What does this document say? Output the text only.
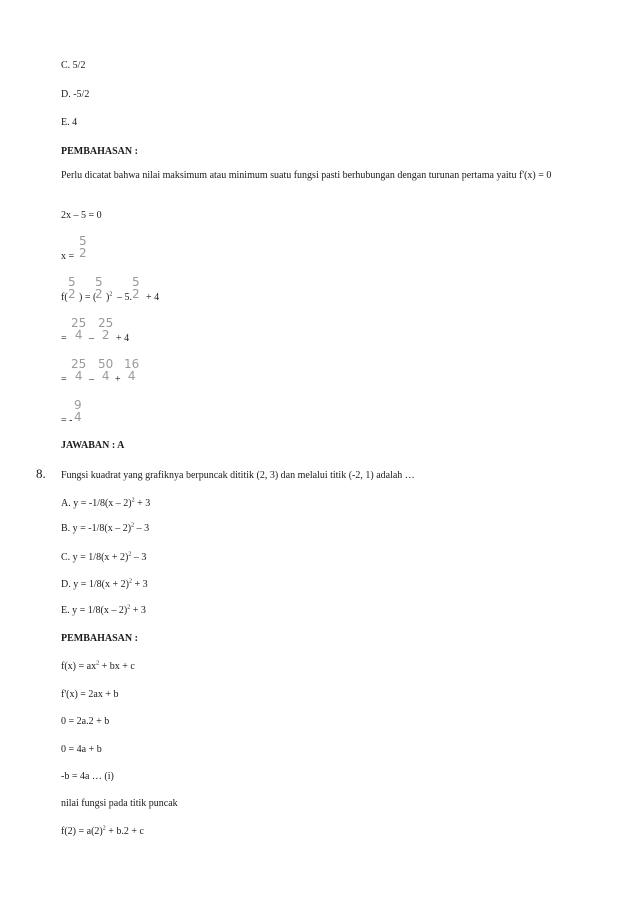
C. 5/2
D. -5/2
E. 4
PEMBAHASAN :
Perlu dicatat bahwa nilai maksimum atau minimum suatu fungsi pasti berhubungan dengan turunan pertama yaitu f'(x) = 0
2x – 5 = 0
x =
5
2
f(
5
2 ) = (
5
2 )$^2$ – 5.
5
2 + 4
=
25
4 –
25
2 + 4
=
25
4 –
50
4 +
16
4
= -
9
4
JAWABAN : A
8. Fungsi kuadrat yang grafiknya berpuncak dititik (2, 3) dan melalui titik (-2, 1) adalah …
A. y = -1/8(x – 2)$^2$ + 3
B. y = -1/8(x – 2)$^2$ – 3
C. $y = 1/8(x + 2)^2 - 3$
D. $y = 1/8(x + 2)^2 + 3$
E. y = 1/8(x – 2)$^2$ + 3
PEMBAHASAN :
$f(x) = ax^2$ + bx + c
f'(x) = 2ax + b
0 = 2a.2 + b
0 = 4a + b
-b = 4a … (i)
nilai fungsi pada titik puncak
$f(2) = a(2)^2 + b.2 + c$
